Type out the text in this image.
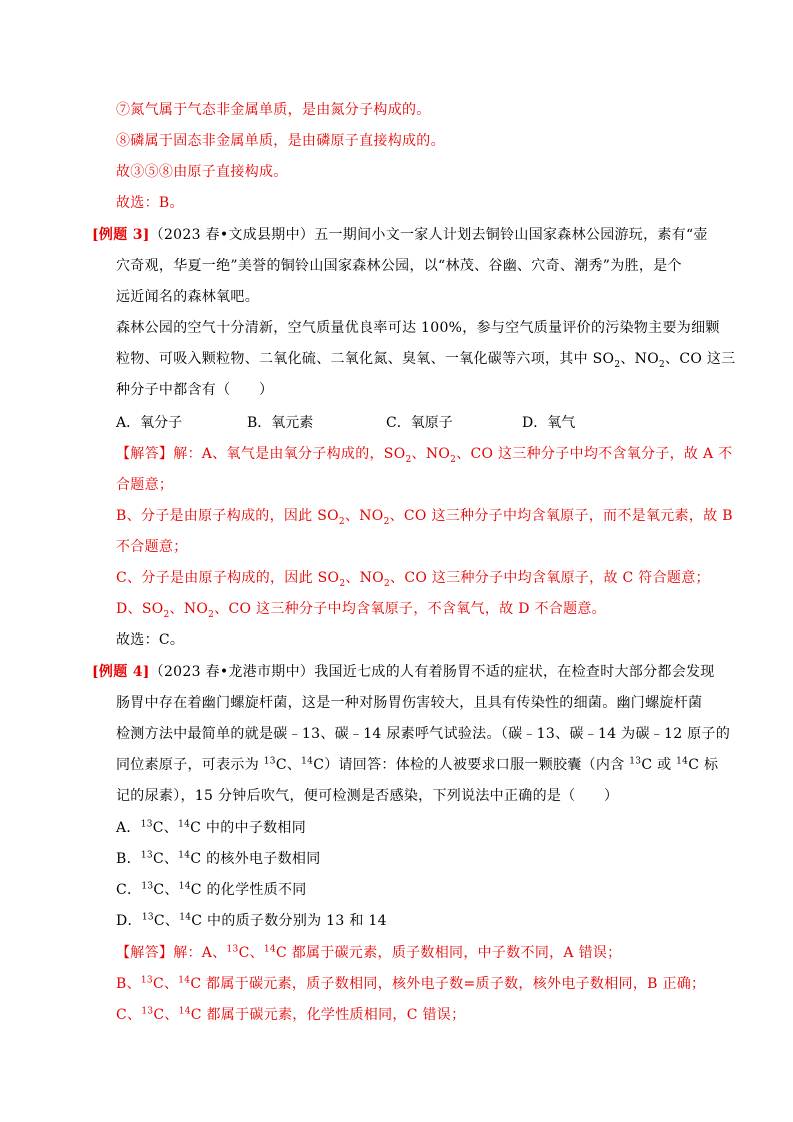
⑦氮气属于气态非金属单质，是由氮分子构成的。
⑧磷属于固态非金属单质，是由磷原子直接构成的。
故③⑤⑧由原子直接构成。
故选：B。
[例题 3]（2023 春•文成县期中）五一期间小文一家人计划去铜铃山国家森林公园游玩，素有“壶
穴奇观，华夏一绝”美誉的铜铃山国家森林公园，以“林茂、谷幽、穴奇、潮秀”为胜，是个
远近闻名的森林氧吧。
森林公园的空气十分清新，空气质量优良率可达 100%，参与空气质量评价的污染物主要为细颗
粒物、可吸入颗粒物、二氧化硫、二氧化氮、臭氧、一氧化碳等六项，其中 $SO_2$、$NO_2$、CO 这三
种分子中都含有（　　）
A．氧分子	B．氧元素	C．氧原子	D．氧气
【解答】解：A、氧气是由氧分子构成的，$SO_2$、$NO_2$、CO 这三种分子中均不含氧分子，故 A 不
合题意；
B、分子是由原子构成的，因此 $SO_2$、$NO_2$、CO 这三种分子中均含氧原子，而不是氧元素，故 B
不合题意；
C、分子是由原子构成的，因此 $SO_2$、$NO_2$、CO 这三种分子中均含氧原子，故 C 符合题意；
D、$SO_2$、$NO_2$、CO 这三种分子中均含氧原子，不含氧气，故 D 不合题意。
故选：C。
[例题 4]（2023 春•龙港市期中）我国近七成的人有着肠胃不适的症状，在检查时大部分都会发现
肠胃中存在着幽门螺旋杆菌，这是一种对肠胃伤害较大，且具有传染性的细菌。幽门螺旋杆菌
检测方法中最简单的就是碳﹣13、碳﹣14 尿素呼气试验法。（碳﹣13、碳﹣14 为碳﹣12 原子的
同位素原子，可表示为 $^{13}$C、$^{14}$C）请回答：体检的人被要求口服一颗胶囊（内含 $^{13}$C 或 $^{14}$C 标
记的尿素），15 分钟后吹气，便可检测是否感染，下列说法中正确的是（　　）
A．$^{13}$C、$^{14}$C 中的中子数相同
B．$^{13}$C、$^{14}$C 的核外电子数相同
C．$^{13}$C、$^{14}$C 的化学性质不同
D．$^{13}$C、$^{14}$C 中的质子数分别为 13 和 14
【解答】解：A、$^{13}$C、$^{14}$C 都属于碳元素，质子数相同，中子数不同，A 错误；
B、$^{13}$C、$^{14}$C 都属于碳元素，质子数相同，核外电子数=质子数，核外电子数相同，B 正确；
C、$^{13}$C、$^{14}$C 都属于碳元素，化学性质相同，C 错误；
